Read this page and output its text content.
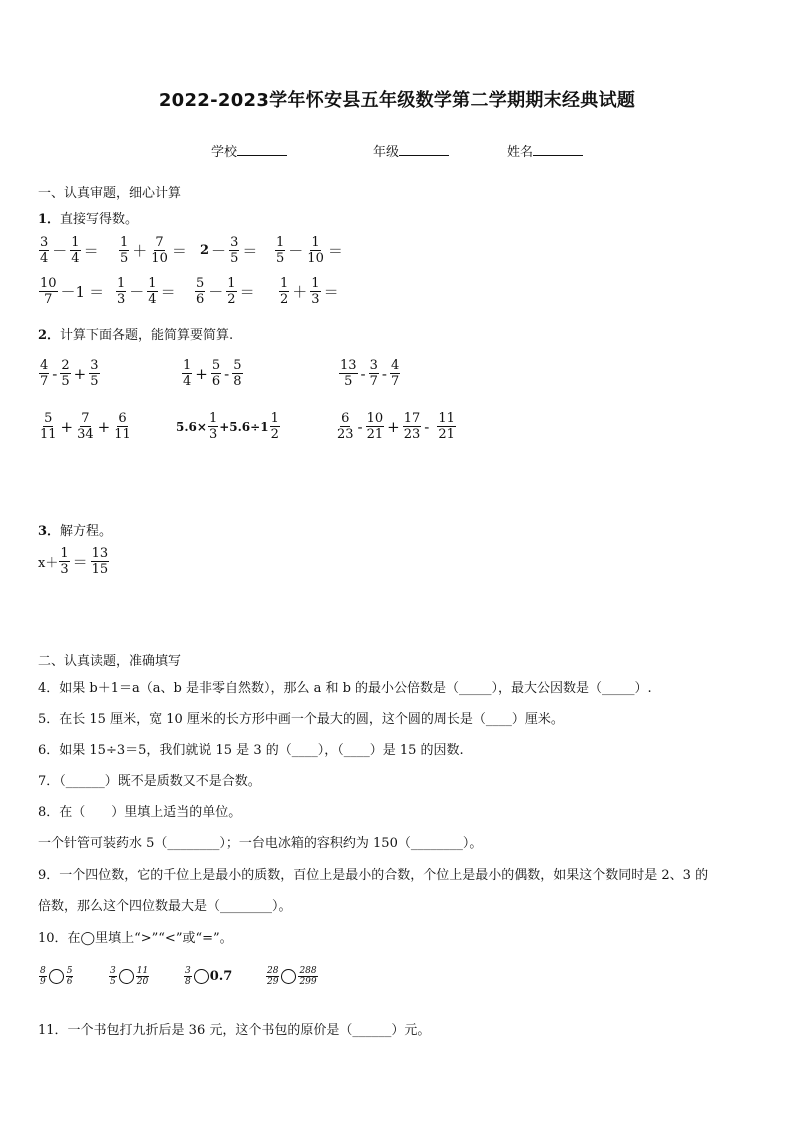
2022-2023学年怀安县五年级数学第二学期期末经典试题
学校	年级	姓名
一、认真审题，细心计算
1．直接写得数。
3
4 － 1
4 ＝ 1
5 ＋ 7
10 ＝ 2 － 3
5 ＝ 1
5 － 1
10 ＝
10
7 －1 ＝ 1
3 － 1
4 ＝ 5
6 － 1
2 ＝ 1
2 ＋ 1
3 ＝
2．计算下面各题，能简算要简算.
4
7 - 2
$5 + \frac{3}{5}$	1
$4 + \frac{5}{6} - 5$
8
13
5 - 3
7 - 4
7
5
$11 + \frac{7}{34} + \frac{6}{11}$	$5.6\times \frac{1}{3} +5.6\div 1$
1
2
6
23 - 10
$21 + \frac{17}{23} - 11$
21
3．解方程。
x＋
1
3 ＝ 13
15
二、认真读题，准确填写
4．如果 b＋1＝a（a、b 是非零自然数），那么 a 和 b 的最小公倍数是（_____），最大公因数是（_____）.
5．在长 15 厘米，宽 10 厘米的长方形中画一个最大的圆，这个圆的周长是（____）厘米。
6．如果 15÷3＝5，我们就说 15 是 3 的（____），（____）是 15 的因数.
7．（______）既不是质数又不是合数。
8．在（　　）里填上适当的单位。
一个针管可装药水 5（________）；一台电冰箱的容积约为 150（________）。
9．一个四位数，它的千位上是最小的质数，百位上是最小的合数，个位上是最小的偶数，如果这个数同时是 2、3 的
倍数，那么这个四位数最大是（________）。
10．在◯里填上“>”“<”或“=”。
8
9
5
6
3
5
11
20
3
8 0.7	28
29
288
299
11．一个书包打九折后是 36 元，这个书包的原价是（______）元。
